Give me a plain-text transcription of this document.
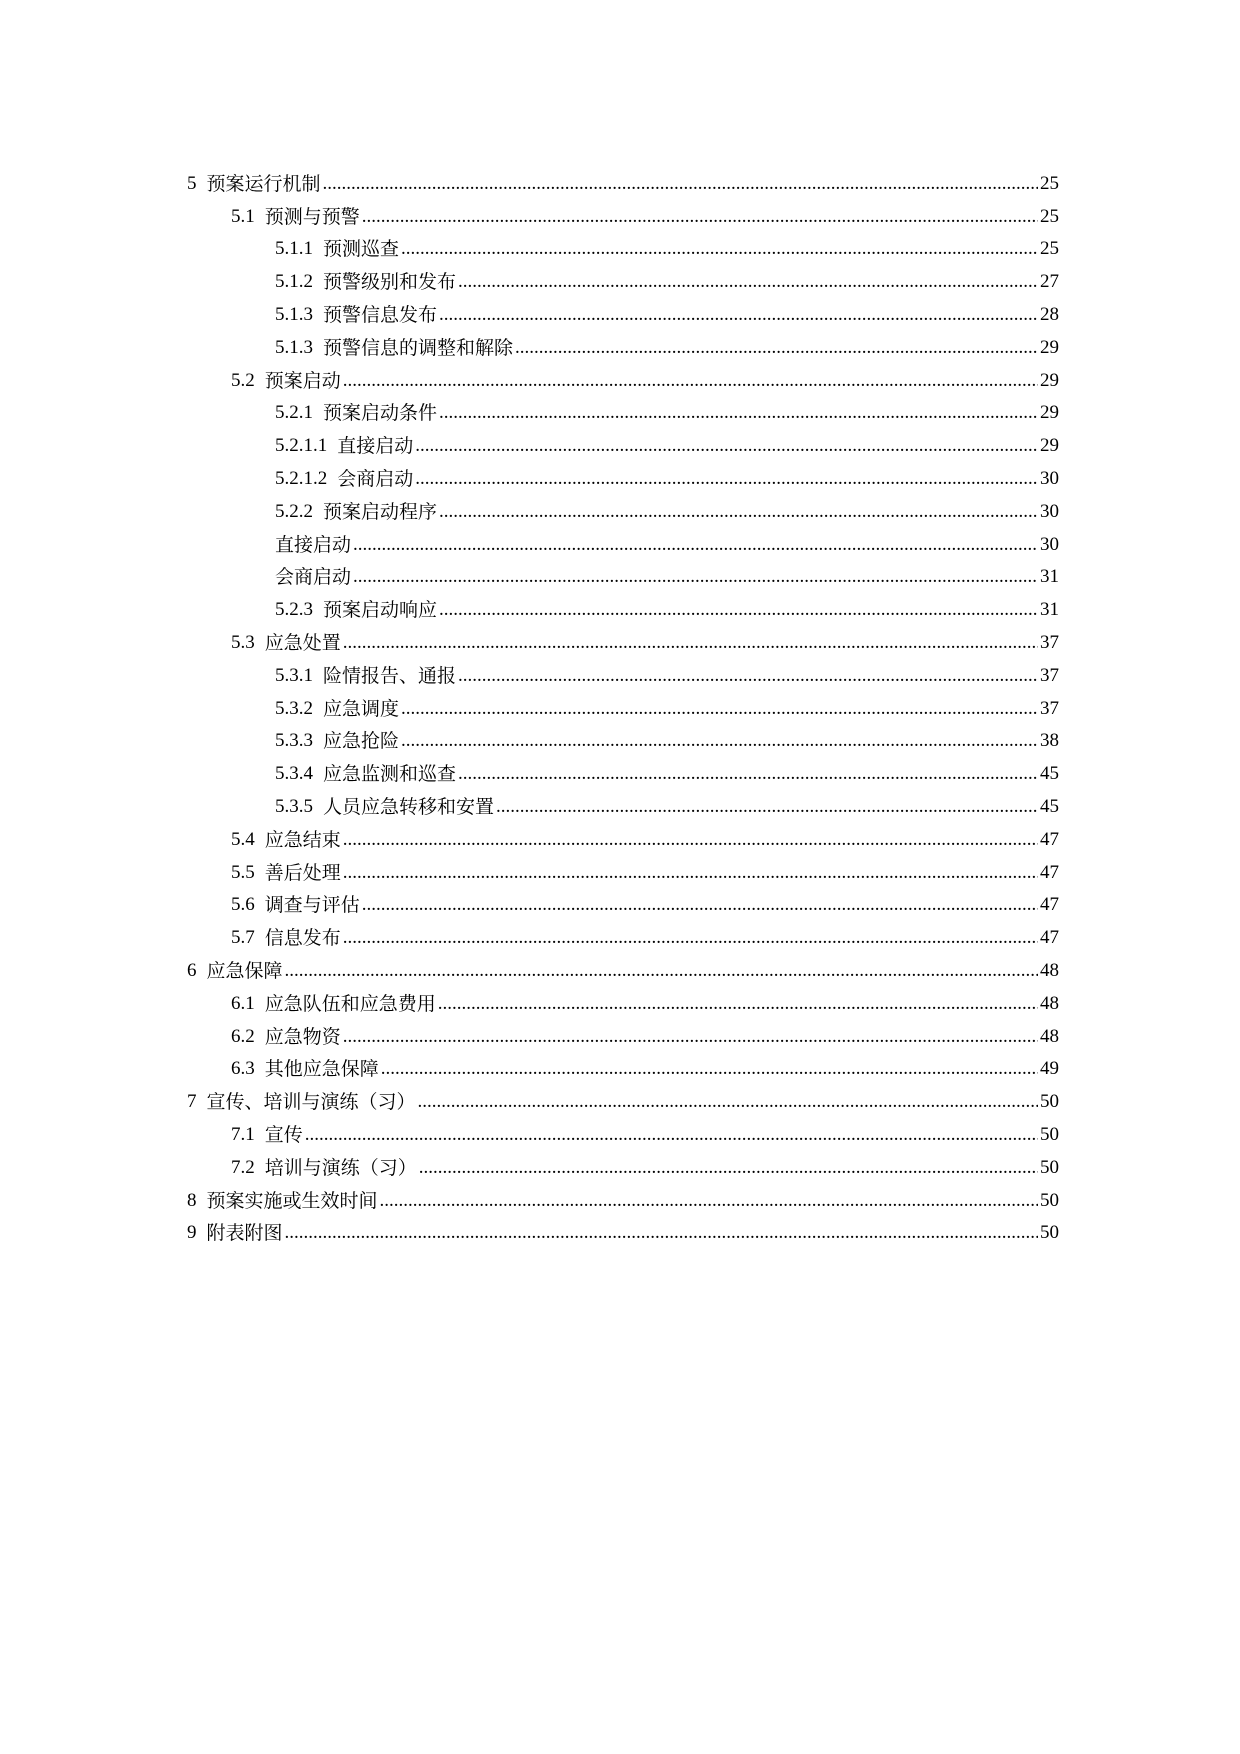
5 预案运行机制 .....	25
5.1 预测与预警 .....	25
5.1.1 预测巡查 .....	25
5.1.2 预警级别和发布 .....	27
5.1.3 预警信息发布 .....	28
5.1.3 预警信息的调整和解除 .....	29
5.2 预案启动 .....	29
5.2.1 预案启动条件 .....	29
5.2.1.1 直接启动 .....	29
5.2.1.2 会商启动 .....	30
5.2.2 预案启动程序 .....	30
直接启动 .....	30
会商启动 .....	31
5.2.3 预案启动响应 .....	31
5.3 应急处置 .....	37
5.3.1 险情报告、通报 .....	37
5.3.2 应急调度 .....	37
5.3.3 应急抢险 .....	38
5.3.4 应急监测和巡查 .....	45
5.3.5 人员应急转移和安置 .....	45
5.4 应急结束 .....	47
5.5 善后处理 .....	47
5.6 调查与评估 .....	47
5.7 信息发布 .....	47
6 应急保障 .....	48
6.1 应急队伍和应急费用 .....	48
6.2 应急物资 .....	48
6.3 其他应急保障 .....	49
7 宣传、培训与演练（习） .....	50
7.1 宣传 .....	50
7.2 培训与演练（习） .....	50
8 预案实施或生效时间 .....	50
9 附表附图 .....	50
